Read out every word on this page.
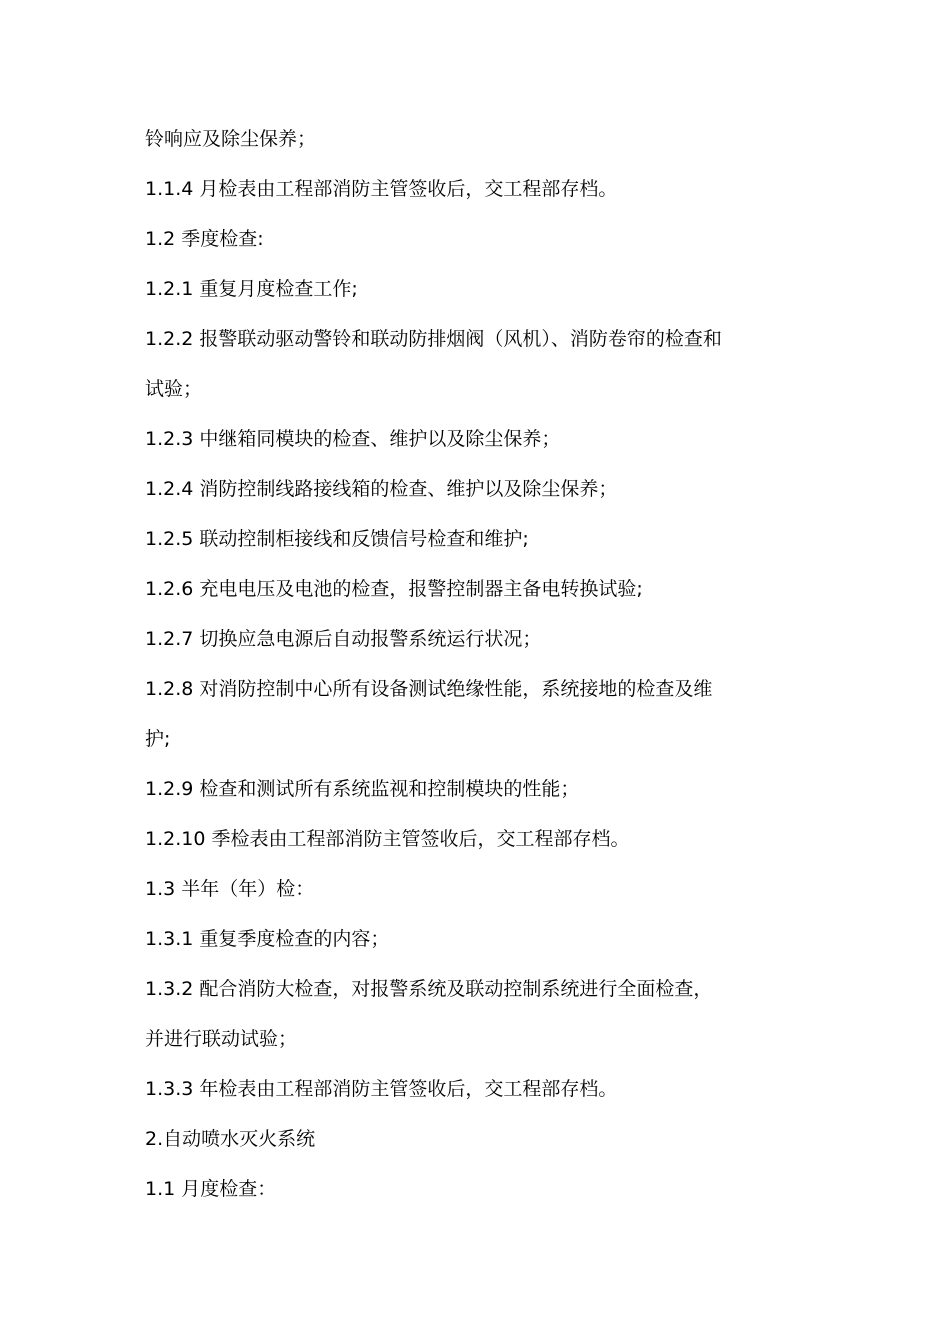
铃响应及除尘保养；
1.1.4 月检表由工程部消防主管签收后，交工程部存档。
1.2 季度检查:
1.2.1 重复月度检查工作;
1.2.2 报警联动驱动警铃和联动防排烟阀（风机）、消防卷帘的检查和
试验；
1.2.3 中继箱同模块的检查、维护以及除尘保养；
1.2.4 消防控制线路接线箱的检查、维护以及除尘保养；
1.2.5 联动控制柜接线和反馈信号检查和维护;
1.2.6 充电电压及电池的检查，报警控制器主备电转换试验;
1.2.7 切换应急电源后自动报警系统运行状况；
1.2.8 对消防控制中心所有设备测试绝缘性能，系统接地的检查及维
护;
1.2.9 检查和测试所有系统监视和控制模块的性能；
1.2.10 季检表由工程部消防主管签收后，交工程部存档。
1.3 半年（年）检：
1.3.1 重复季度检查的内容；
1.3.2 配合消防大检查，对报警系统及联动控制系统进行全面检查，
并进行联动试验；
1.3.3 年检表由工程部消防主管签收后，交工程部存档。
2.自动喷水灭火系统
1.1 月度检查：
